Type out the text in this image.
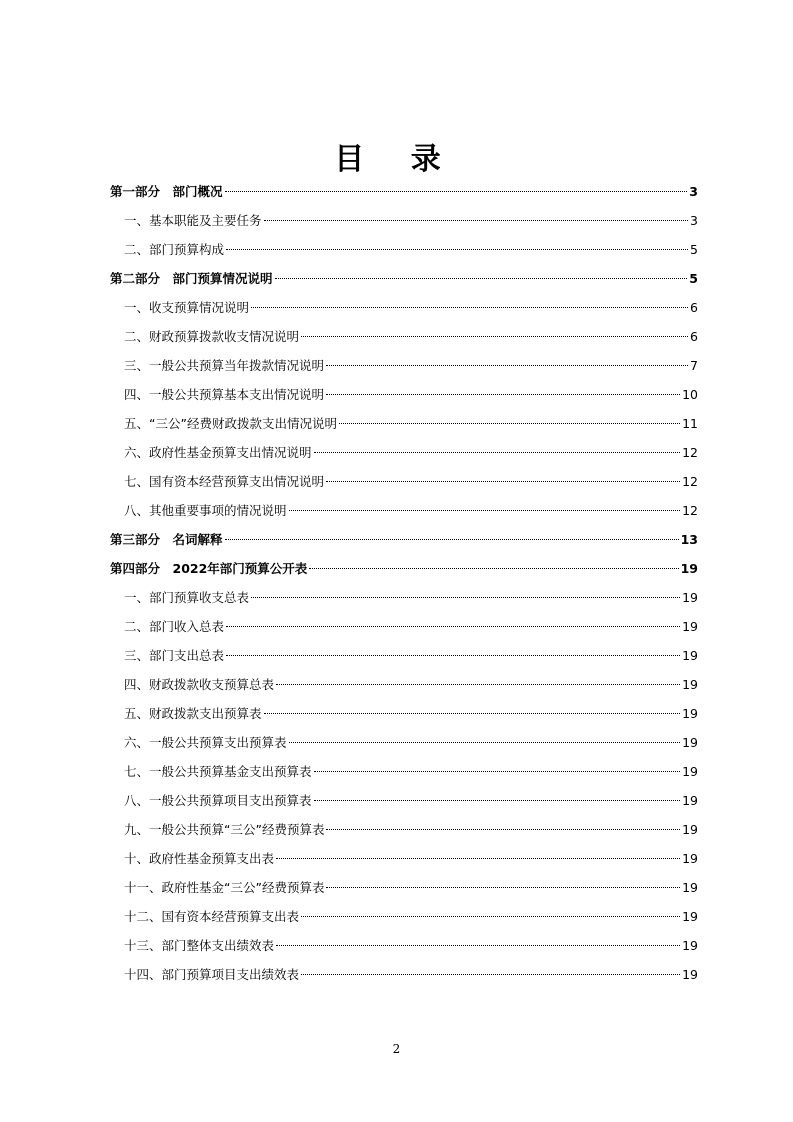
目 录
第一部分　部门概况	3
一、基本职能及主要任务	3
二、部门预算构成	5
第二部分　部门预算情况说明	5
一、收支预算情况说明	6
二、财政预算拨款收支情况说明	6
三、一般公共预算当年拨款情况说明	7
四、一般公共预算基本支出情况说明	10
五、“三公”经费财政拨款支出情况说明	11
六、政府性基金预算支出情况说明	12
七、国有资本经营预算支出情况说明	12
八、其他重要事项的情况说明	12
第三部分　名词解释	13
第四部分　2022年部门预算公开表	19
一、部门预算收支总表	19
二、部门收入总表	19
三、部门支出总表	19
四、财政拨款收支预算总表	19
五、财政拨款支出预算表	19
六、一般公共预算支出预算表	19
七、一般公共预算基金支出预算表	19
八、一般公共预算项目支出预算表	19
九、一般公共预算“三公”经费预算表	19
十、政府性基金预算支出表	19
十一、政府性基金“三公”经费预算表	19
十二、国有资本经营预算支出表	19
十三、部门整体支出绩效表	19
十四、部门预算项目支出绩效表	19
2
